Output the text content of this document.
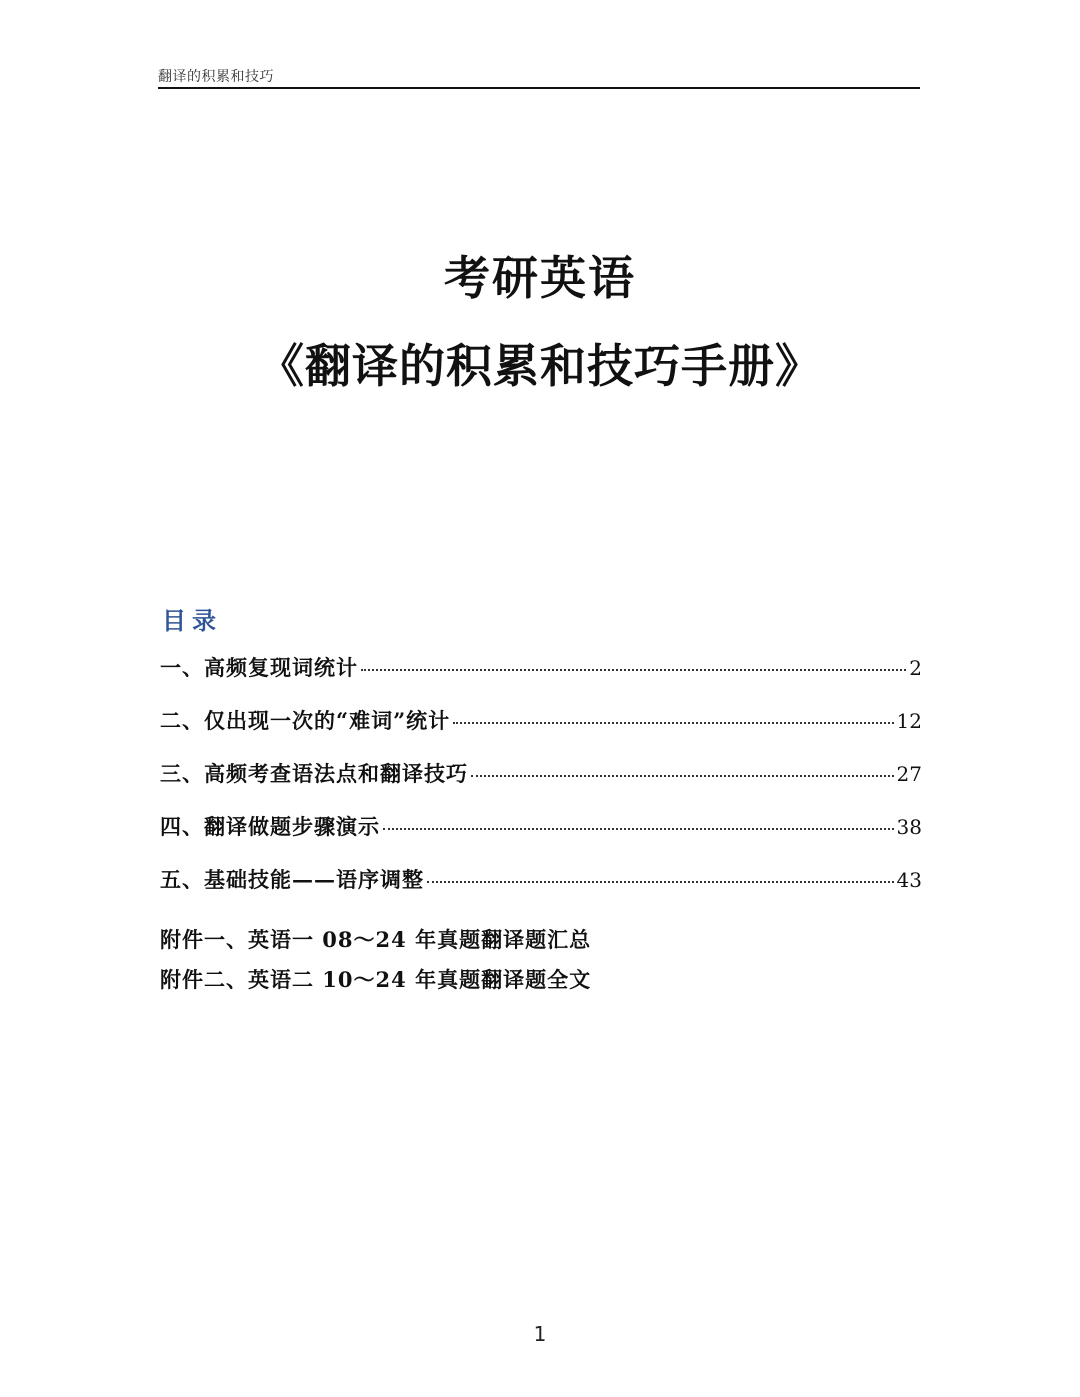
翻译的积累和技巧
考研英语
《翻译的积累和技巧手册》
目录
一、高频复现词统计	2
二、仅出现一次的“难词”统计	12
三、高频考查语法点和翻译技巧	27
四、翻译做题步骤演示	38
五、基础技能——语序调整	43
附件一、英语一 08～24 年真题翻译题汇总
附件二、英语二 10～24 年真题翻译题全文
1
